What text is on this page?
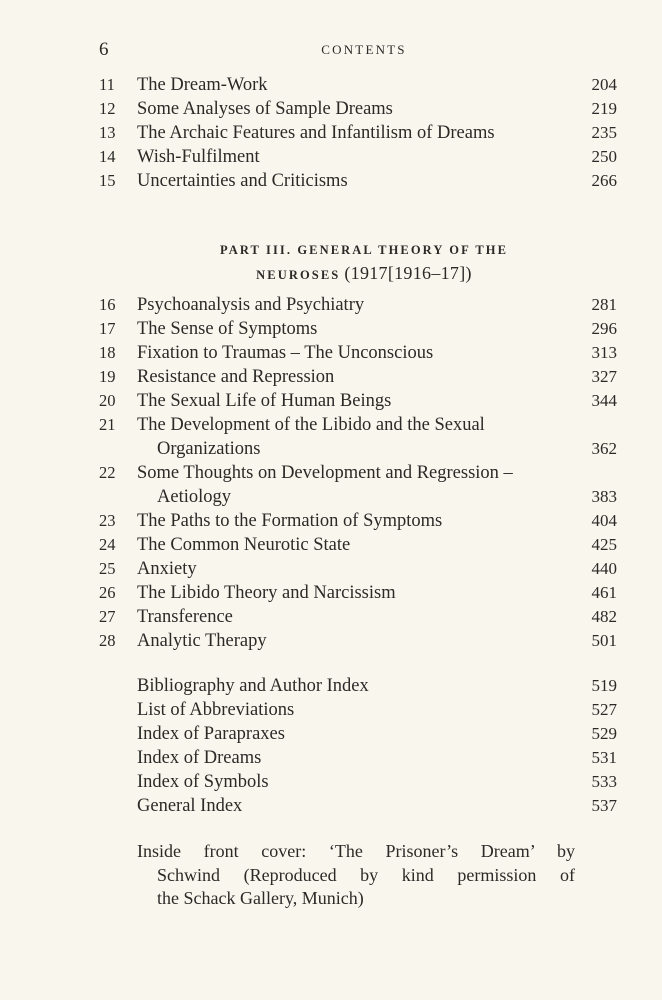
6	CONTENTS
11	The Dream-Work	204
12	Some Analyses of Sample Dreams	219
13	The Archaic Features and Infantilism of Dreams	235
14	Wish-Fulfilment	250
15	Uncertainties and Criticisms	266
PART III. GENERAL THEORY OF THE
NEUROSES (1917[1916–17])
16	Psychoanalysis and Psychiatry	281
17	The Sense of Symptoms	296
18	Fixation to Traumas – The Unconscious	313
19	Resistance and Repression	327
20	The Sexual Life of Human Beings	344
21	The Development of the Libido and the Sexual
Organizations	362
22	Some Thoughts on Development and Regression –
Aetiology	383
23	The Paths to the Formation of Symptoms	404
24	The Common Neurotic State	425
25	Anxiety	440
26	The Libido Theory and Narcissism	461
27	Transference	482
28	Analytic Therapy	501
Bibliography and Author Index	519
List of Abbreviations	527
Index of Parapraxes	529
Index of Dreams	531
Index of Symbols	533
General Index	537
Inside front cover: ‘The Prisoner’s Dream’ by
Schwind (Reproduced by kind permission of
the Schack Gallery, Munich)
